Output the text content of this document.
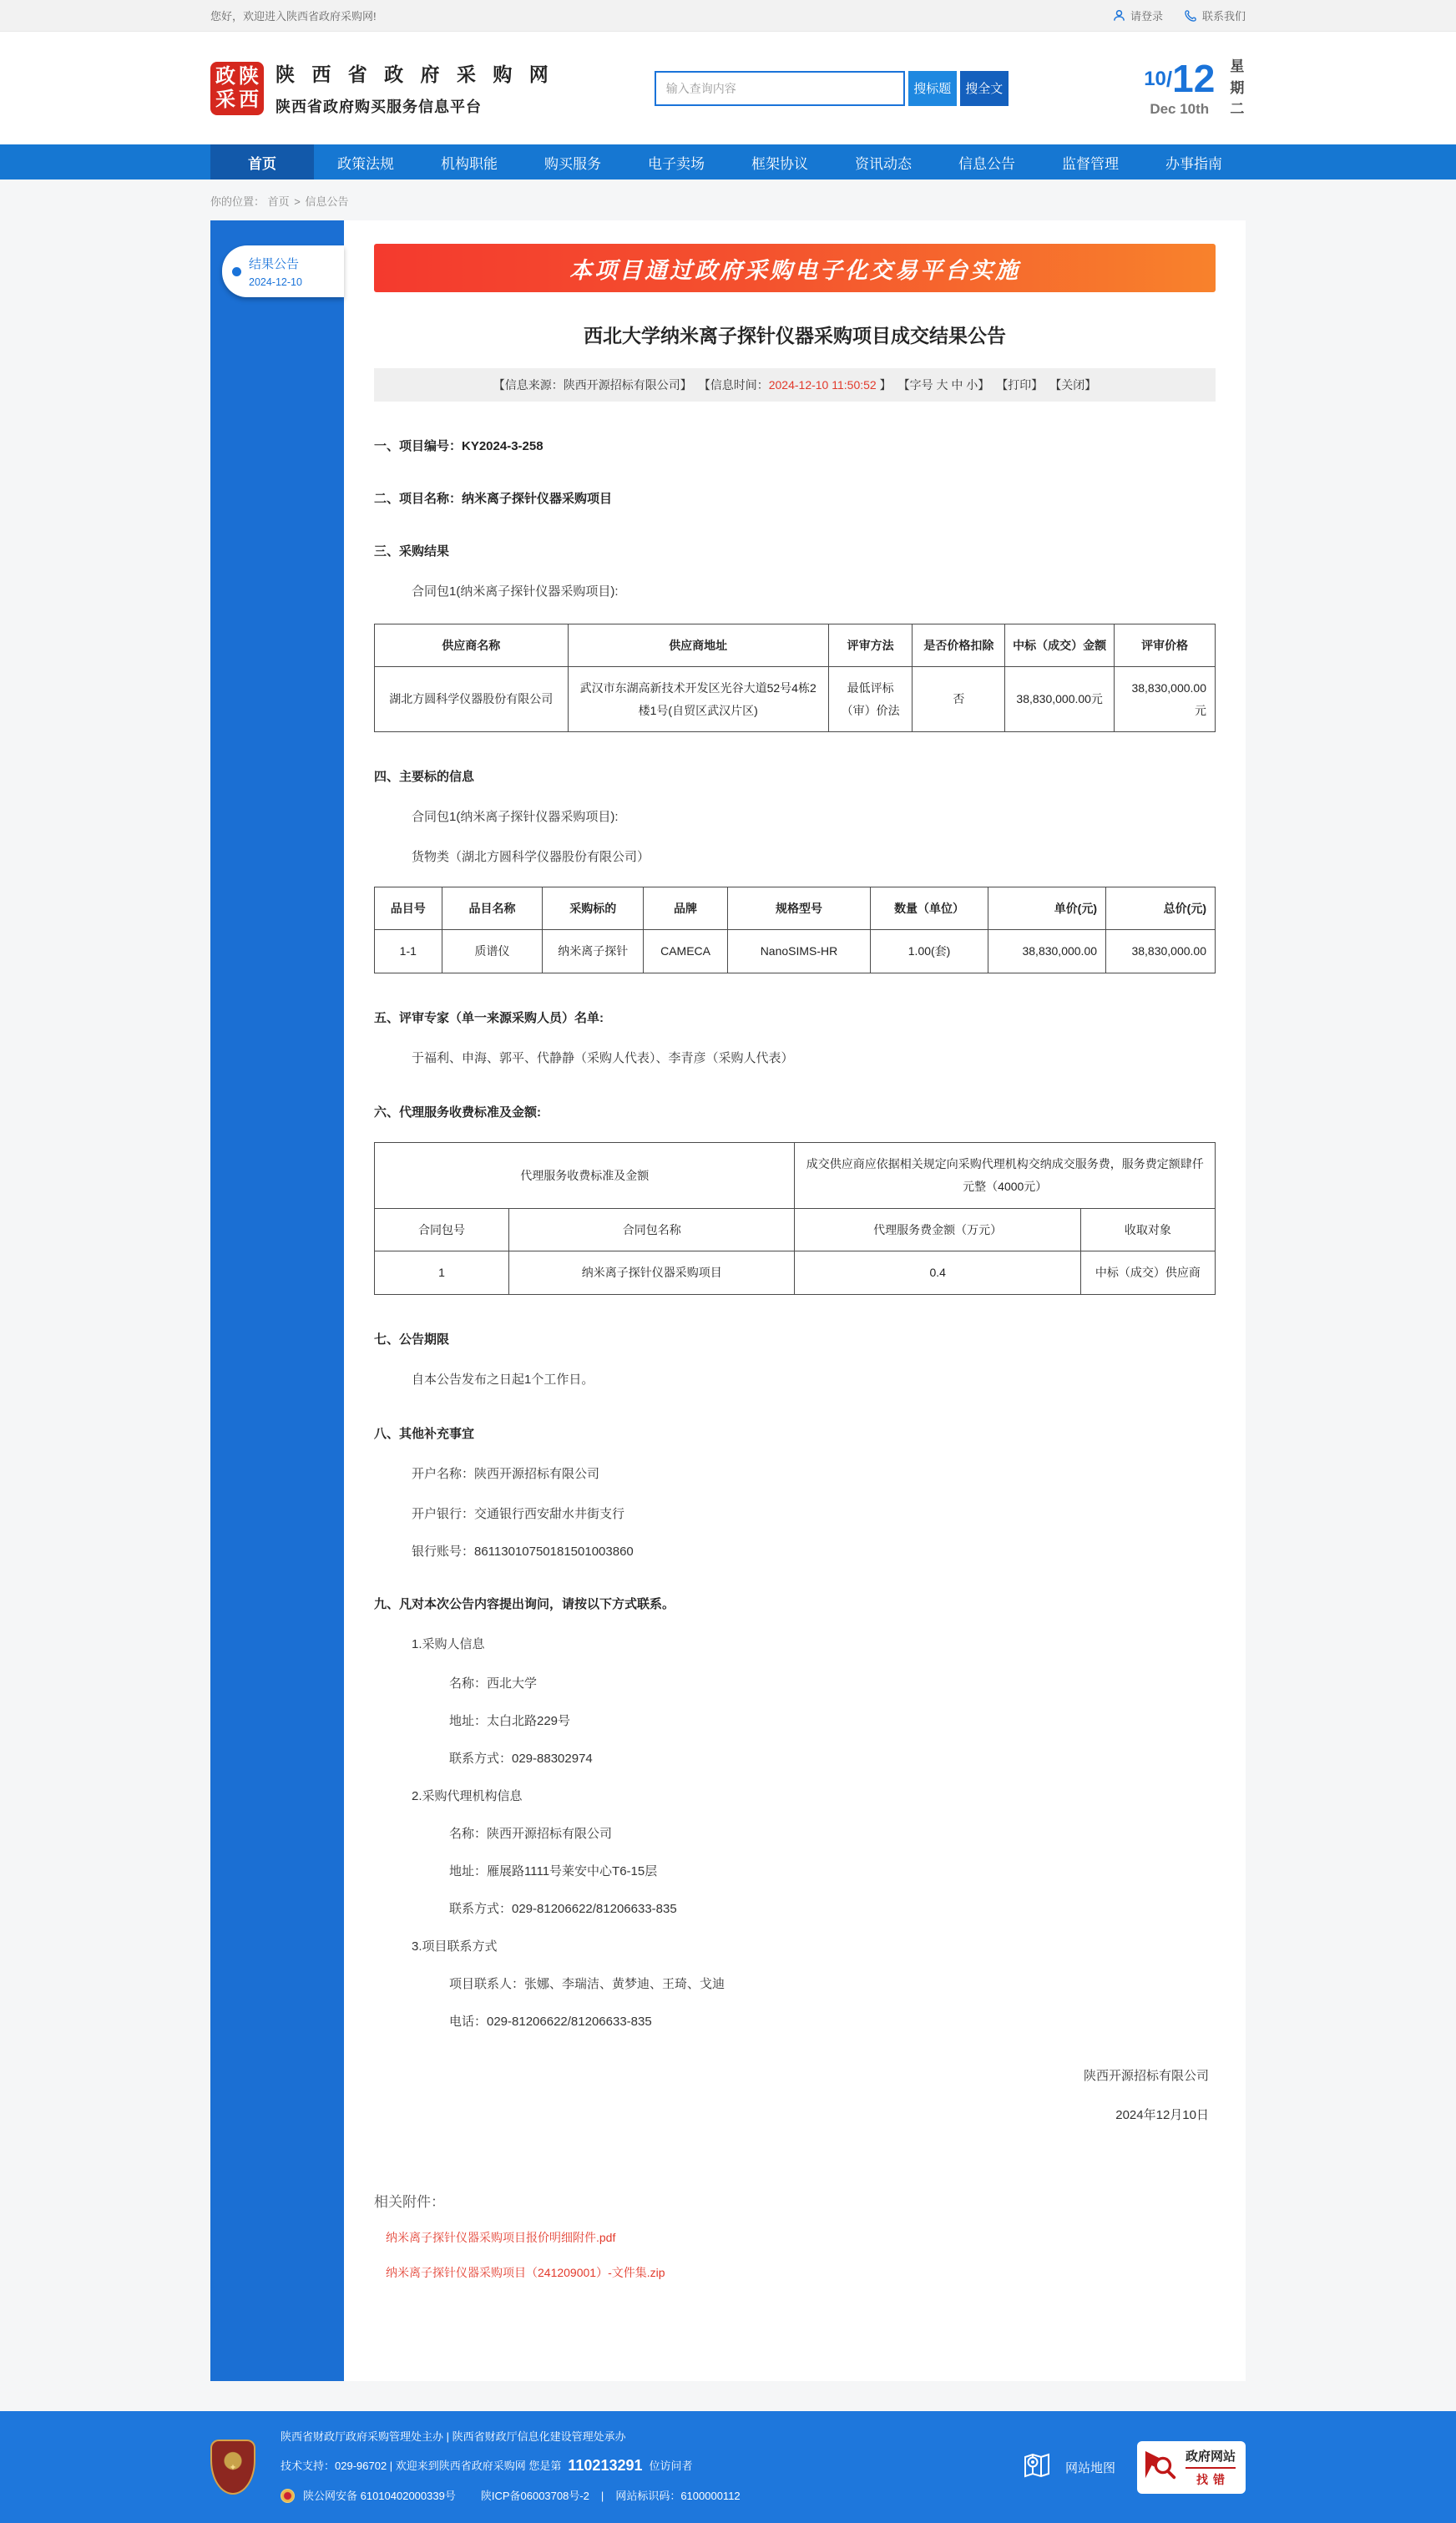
您好，欢迎进入陕西省政府采购网!	请登录	联系我们
政 陕
采 西
陕 西 省 政 府 采 购 网
陕西省政府购买服务信息平台
输入查询内容
搜标题	搜全文	10/12
Dec 10th
星期二
首页	政策法规	机构职能	购买服务	电子卖场	框架协议	资讯动态	信息公告	监督管理	办事指南
你的位置： 首页 > 信息公告
结果公告
2024-12-10	本项目通过政府采购电子化交易平台实施
西北大学纳米离子探针仪器采购项目成交结果公告
【信息来源：陕西开源招标有限公司】 【信息时间：2024-12-10 11:50:52 】 【字号 大 中 小】 【打印】 【关闭】
一、项目编号：KY2024-3-258
二、项目名称：纳米离子探针仪器采购项目
三、采购结果
合同包1(纳米离子探针仪器采购项目):
供应商名称	供应商地址	评审方法	是否价格扣除	中标（成交）金额	评审价格
湖北方圆科学仪器股份有限公司	武汉市东湖高新技术开发区光谷大道52号4栋2楼1号(自贸区武汉片区)	最低评标（审）价法	否	38,830,000.00元	38,830,000.00元
四、主要标的信息
合同包1(纳米离子探针仪器采购项目):
货物类（湖北方圆科学仪器股份有限公司）
品目号	品目名称	采购标的	品牌	规格型号	数量（单位）	单价(元)	总价(元)
1-1	质谱仪	纳米离子探针	CAMECA	NanoSIMS-HR	1.00(套)	38,830,000.00	38,830,000.00
五、评审专家（单一来源采购人员）名单:
于福利、申海、郭平、代静静（采购人代表）、李青彦（采购人代表）
六、代理服务收费标准及金额:
代理服务收费标准及金额		成交供应商应依据相关规定向采购代理机构交纳成交服务费，服务费定额肆仟元整（4000元）	
合同包号	合同包名称	代理服务费金额（万元）	收取对象
1	纳米离子探针仪器采购项目	0.4	中标（成交）供应商
七、公告期限
自本公告发布之日起1个工作日。
八、其他补充事宜
开户名称：陕西开源招标有限公司
开户银行：交通银行西安甜水井街支行
银行账号：86113010750181501003860
九、凡对本次公告内容提出询问，请按以下方式联系。
1.采购人信息
名称：西北大学
地址：太白北路229号
联系方式：029-88302974
2.采购代理机构信息
名称：陕西开源招标有限公司
地址：雁展路1111号莱安中心T6-15层
联系方式：029-81206622/81206633-835
3.项目联系方式
项目联系人：张娜、李瑞洁、黄梦迪、王琦、戈迪
电话：029-81206622/81206633-835
陕西开源招标有限公司
2024年12月10日
相关附件：
纳米离子探针仪器采购项目报价明细附件.pdf
纳米离子探针仪器采购项目（241209001）-文件集.zip
✦

陕西省财政厅政府采购管理处主办 | 陕西省财政厅信息化建设管理处承办

技术支持：029-96702 | 欢迎来到陕西省政府采购网 您是第 110213291 位访问者

陕公网安备 61010402000339号 陕ICP备06003708号-2 | 网站标识码：6100000112

网站地图
政府网站
找错
